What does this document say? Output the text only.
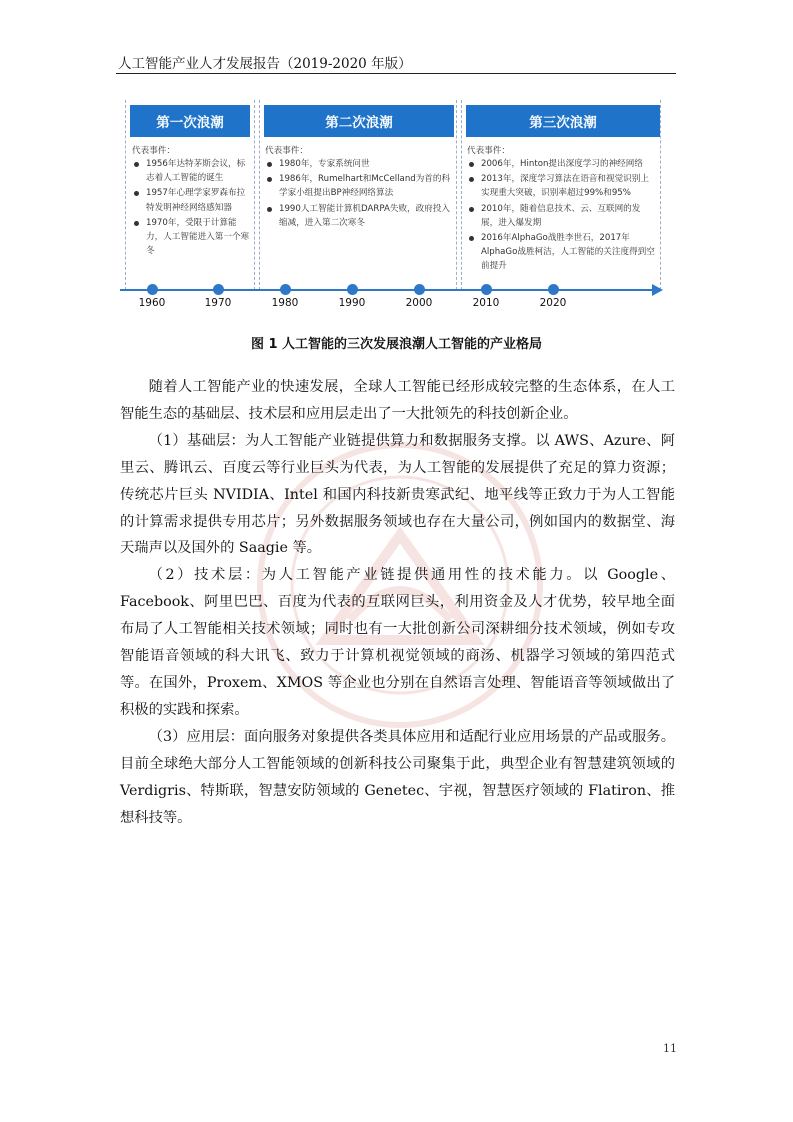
人工智能产业人才发展报告（2019-2020 年版）
第一次浪潮
代表事件：
1956年达特茅斯会议，标志着人工智能的诞生
1957年心理学家罗森布拉特发明神经网络感知器
1970年，受限于计算能力，人工智能进入第一个寒冬
第二次浪潮
代表事件：
1980年，专家系统问世
1986年，Rumelhart和McCelland为首的科学家小组提出BP神经网络算法
1990人工智能计算机DARPA失败，政府投入缩减，进入第二次寒冬
第三次浪潮
代表事件：
2006年，Hinton提出深度学习的神经网络
2013年，深度学习算法在语音和视觉识别上实现重大突破，识别率超过99%和95%
2010年，随着信息技术、云、互联网的发展，进入爆发期
2016年AlphaGo战胜李世石，2017年AlphaGo战胜柯洁，人工智能的关注度得到空前提升
1960	1970	1980	1990	2000	2010	2020
图 1 人工智能的三次发展浪潮人工智能的产业格局

随着人工智能产业的快速发展，全球人工智能已经形成较完整的生态体系，在人工智能生态的基础层、技术层和应用层走出了一大批领先的科技创新企业。

（1）基础层：为人工智能产业链提供算力和数据服务支撑。以 AWS、Azure、阿里云、腾讯云、百度云等行业巨头为代表，为人工智能的发展提供了充足的算力资源；传统芯片巨头 NVIDIA、Intel 和国内科技新贵寒武纪、地平线等正致力于为人工智能的计算需求提供专用芯片；另外数据服务领域也存在大量公司，例如国内的数据堂、海天瑞声以及国外的 Saagie 等。

（2）技术层：为人工智能产业链提供通用性的技术能力。以 Google、Facebook、阿里巴巴、百度为代表的互联网巨头，利用资金及人才优势，较早地全面布局了人工智能相关技术领域；同时也有一大批创新公司深耕细分技术领域，例如专攻智能语音领域的科大讯飞、致力于计算机视觉领域的商汤、机器学习领域的第四范式等。在国外，Proxem、XMOS 等企业也分别在自然语言处理、智能语音等领域做出了积极的实践和探索。

（3）应用层：面向服务对象提供各类具体应用和适配行业应用场景的产品或服务。目前全球绝大部分人工智能领域的创新科技公司聚集于此，典型企业有智慧建筑领域的 Verdigris、特斯联，智慧安防领域的 Genetec、宇视，智慧医疗领域的 Flatiron、推想科技等。

11
